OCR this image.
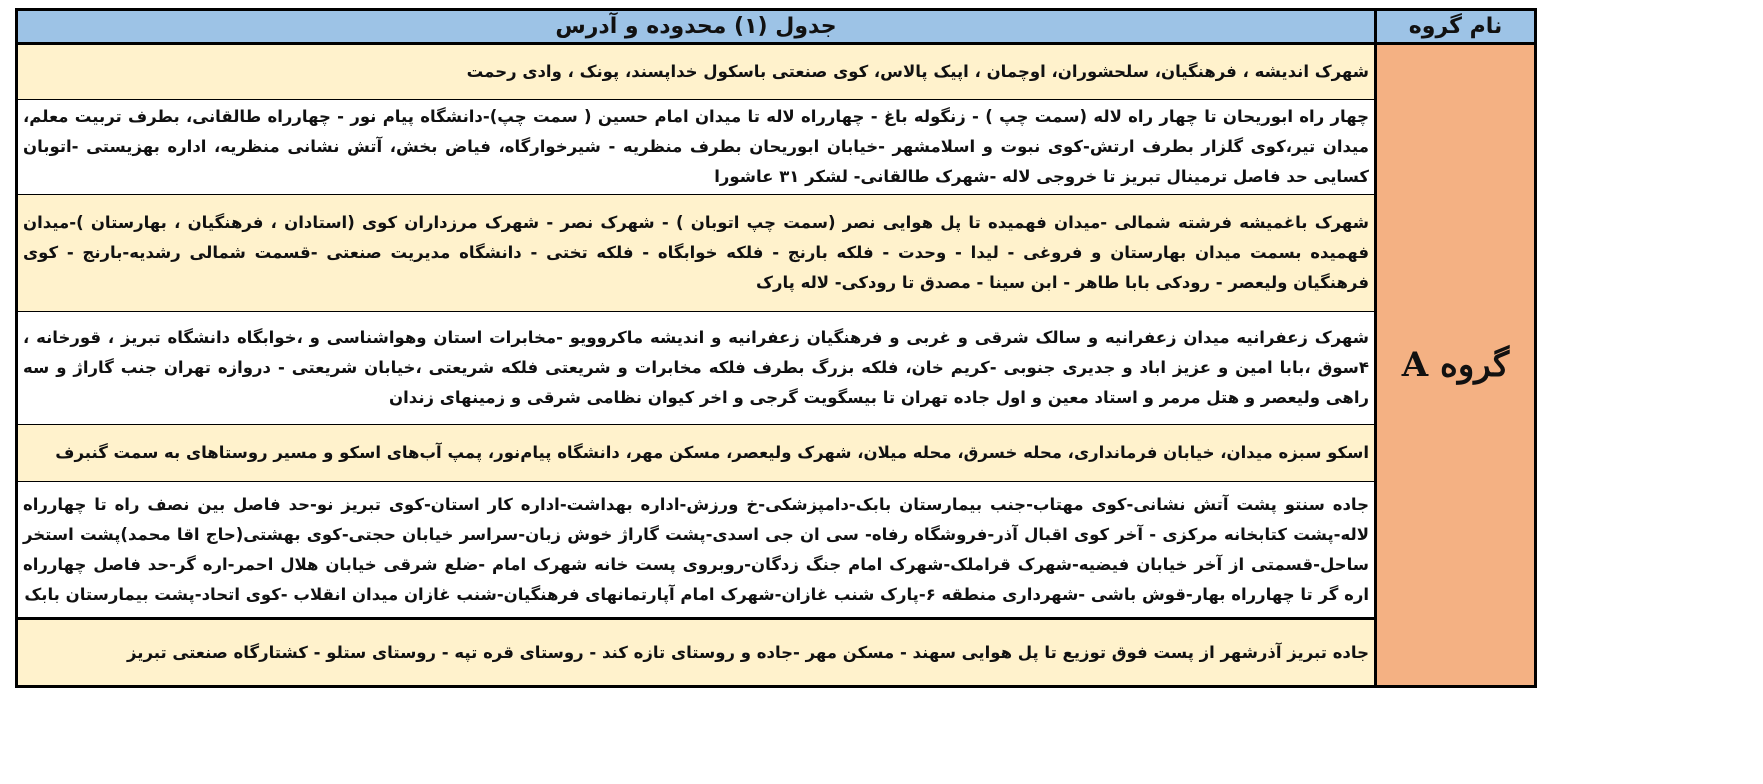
نام گروه
جدول (۱) محدوده و آدرس
گروه A
شهرک اندیشه ، فرهنگیان، سلحشوران، اوچمان ، اپیک پالاس، کوی صنعتی باسکول خداپسند، پونک ، وادی رحمت
چهار راه ابوریحان تا چهار راه لاله (سمت چپ ) - زنگوله باغ - چهارراه لاله تا میدان امام حسین ( سمت چپ)-دانشگاه پیام نور - چهارراه طالقانی، بطرف تربیت معلم، میدان تیر،کوی گلزار بطرف ارتش-کوی نبوت و اسلامشهر -خیابان ابوریحان بطرف منظریه - شیرخوارگاه، فیاض بخش، آتش نشانی منظریه، اداره بهزیستی -اتوبان کسایی حد فاصل ترمینال تبریز تا خروجی لاله -شهرک طالقانی- لشکر ۳۱ عاشورا
شهرک باغمیشه فرشته شمالی -میدان فهمیده تا پل هوایی نصر (سمت چپ اتوبان ) - شهرک نصر - شهرک مرزداران کوی (استادان ، فرهنگیان ، بهارستان )-میدان فهمیده بسمت میدان بهارستان و فروغی - لیدا - وحدت - فلکه بارنج - فلکه خوابگاه - فلکه تختی - دانشگاه مدیریت صنعتی -قسمت شمالی رشدیه-بارنج - کوی فرهنگیان ولیعصر - رودکی بابا طاهر - ابن سینا - مصدق تا رودکی- لاله پارک
شهرک زعفرانیه میدان زعفرانیه و سالک شرقی و غربی و فرهنگیان زعفرانیه و اندیشه ماکروویو -مخابرات استان وهواشناسی و ،خوابگاه دانشگاه تبریز ، قورخانه ، ۴سوق ،بابا امین و عزیز اباد و جدیری جنوبی -کریم خان، فلکه بزرگ بطرف فلکه مخابرات و شریعتی فلکه شریعتی ،خیابان شریعتی - دروازه تهران جنب گاراژ و سه راهی ولیعصر و هتل مرمر و استاد معین و اول جاده تهران تا بیسگویت گرجی و اخر کیوان نظامی شرقی و زمینهای زندان
اسکو سبزه میدان، خیابان فرمانداری، محله خسرق، محله میلان، شهرک ولیعصر، مسکن مهر، دانشگاه پیام‌نور، پمپ آب‌های اسکو و مسیر روستاهای به سمت گنبرف
جاده سنتو پشت آتش نشانی-کوی مهتاب-جنب بیمارستان بابک-دامپزشکی-خ ورزش-اداره بهداشت-اداره کار استان-کوی تبریز نو-حد فاصل بین نصف راه تا چهارراه لاله-پشت کتابخانه مرکزی - آخر کوی اقبال آذر-فروشگاه رفاه- سی ان جی اسدی-پشت گاراژ خوش زبان-سراسر خیابان حجتی-کوی بهشتی(حاج اقا محمد)پشت استخر ساحل-قسمتی از آخر خیابان فیضیه-شهرک قراملک-شهرک امام جنگ زدگان-روبروی پست خانه شهرک امام -ضلع شرقی خیابان هلال احمر-اره گر-حد فاصل چهارراه اره گر تا چهارراه بهار-قوش باشی -شهرداری منطقه ۶-پارک شنب غازان-شهرک امام آپارتمانهای فرهنگیان-شنب غازان میدان انقلاب -کوی اتحاد-پشت بیمارستان بابک
جاده تبریز آذرشهر از پست فوق توزیع تا پل هوایی سهند - مسکن مهر -جاده و روستای تازه کند - روستای قره تپه - روستای ستلو - کشتارگاه صنعتی تبریز
